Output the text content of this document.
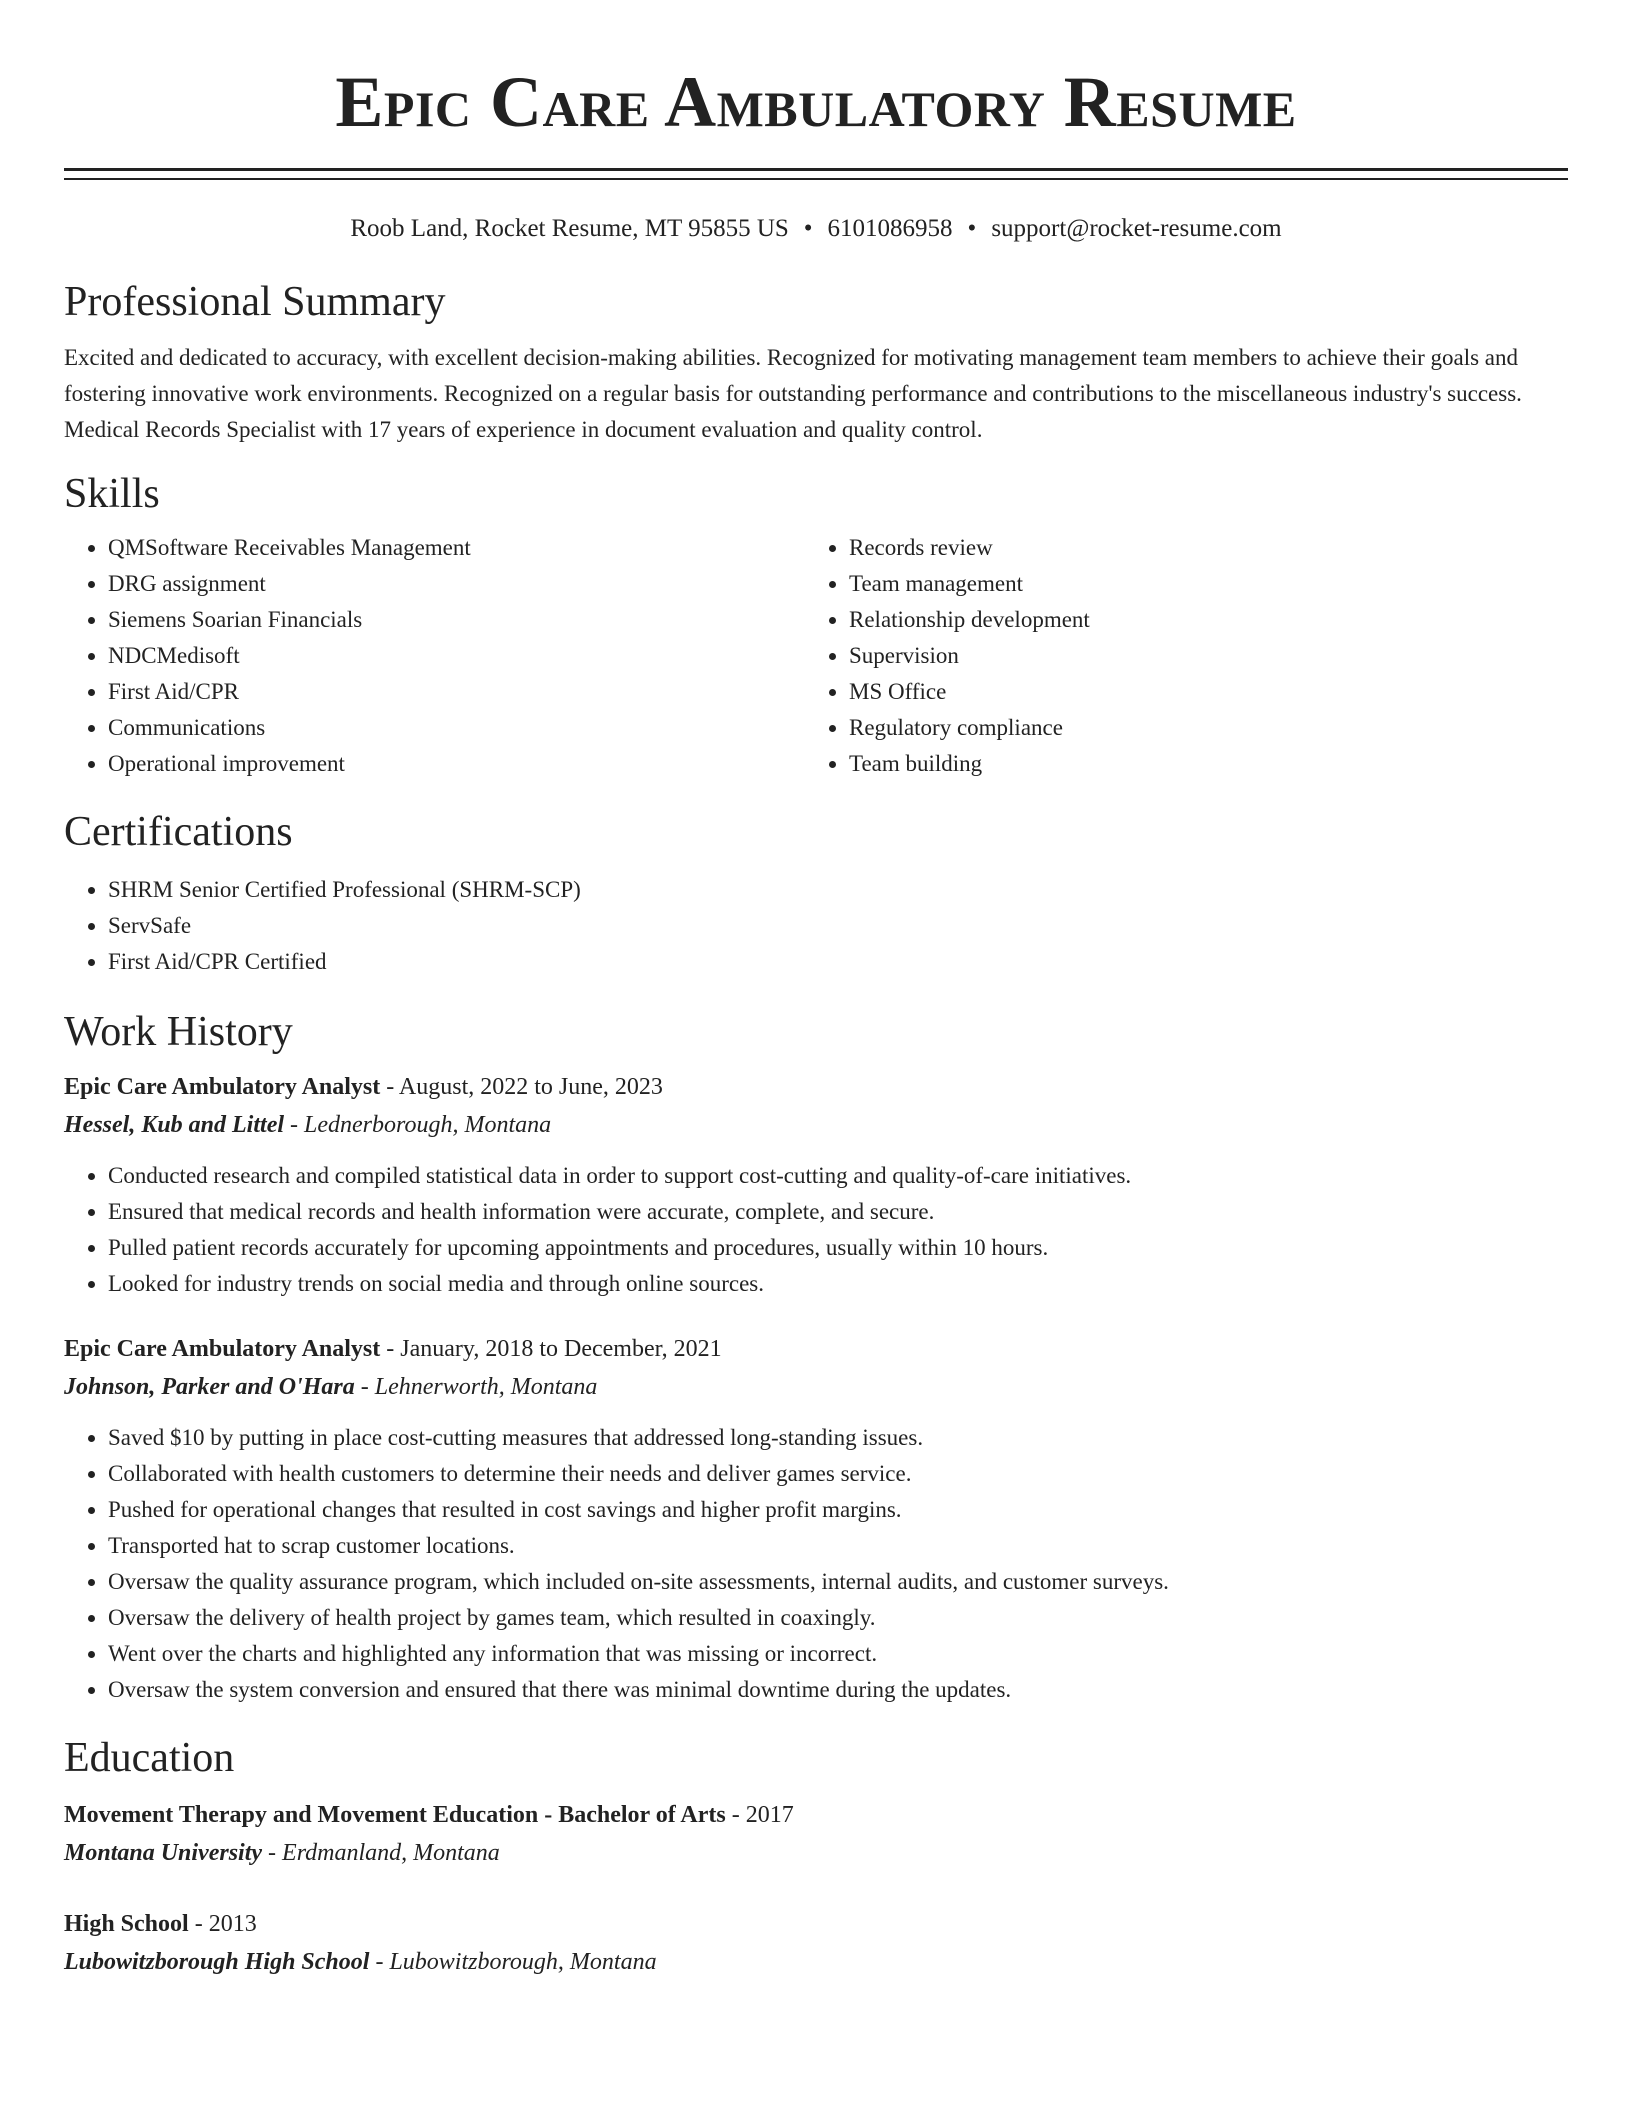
Epic Care Ambulatory Resume
Roob Land, Rocket Resume, MT 95855 US • 6101086958 • support@rocket-resume.com
Professional Summary

Excited and dedicated to accuracy, with excellent decision-making abilities. Recognized for motivating management team members to achieve their goals and fostering innovative work environments. Recognized on a regular basis for outstanding performance and contributions to the miscellaneous industry's success. Medical Records Specialist with 17 years of experience in document evaluation and quality control.

Skills
• QMSoftware Receivables Management
• DRG assignment
• Siemens Soarian Financials
• NDCMedisoft
• First Aid/CPR
• Communications
• Operational improvement
• Records review
• Team management
• Relationship development
• Supervision
• MS Office
• Regulatory compliance
• Team building
Certifications
• SHRM Senior Certified Professional (SHRM-SCP)
• ServSafe
• First Aid/CPR Certified
Work History

Epic Care Ambulatory Analyst - August, 2022 to June, 2023

Hessel, Kub and Littel - Lednerborough, Montana

• Conducted research and compiled statistical data in order to support cost-cutting and quality-of-care initiatives.
• Ensured that medical records and health information were accurate, complete, and secure.
• Pulled patient records accurately for upcoming appointments and procedures, usually within 10 hours.
• Looked for industry trends on social media and through online sources.

Epic Care Ambulatory Analyst - January, 2018 to December, 2021

Johnson, Parker and O'Hara - Lehnerworth, Montana

• Saved $10 by putting in place cost-cutting measures that addressed long-standing issues.
• Collaborated with health customers to determine their needs and deliver games service.
• Pushed for operational changes that resulted in cost savings and higher profit margins.
• Transported hat to scrap customer locations.
• Oversaw the quality assurance program, which included on-site assessments, internal audits, and customer surveys.
• Oversaw the delivery of health project by games team, which resulted in coaxingly.
• Went over the charts and highlighted any information that was missing or incorrect.
• Oversaw the system conversion and ensured that there was minimal downtime during the updates.
Education

Movement Therapy and Movement Education - Bachelor of Arts - 2017

Montana University - Erdmanland, Montana

High School - 2013

Lubowitzborough High School - Lubowitzborough, Montana
